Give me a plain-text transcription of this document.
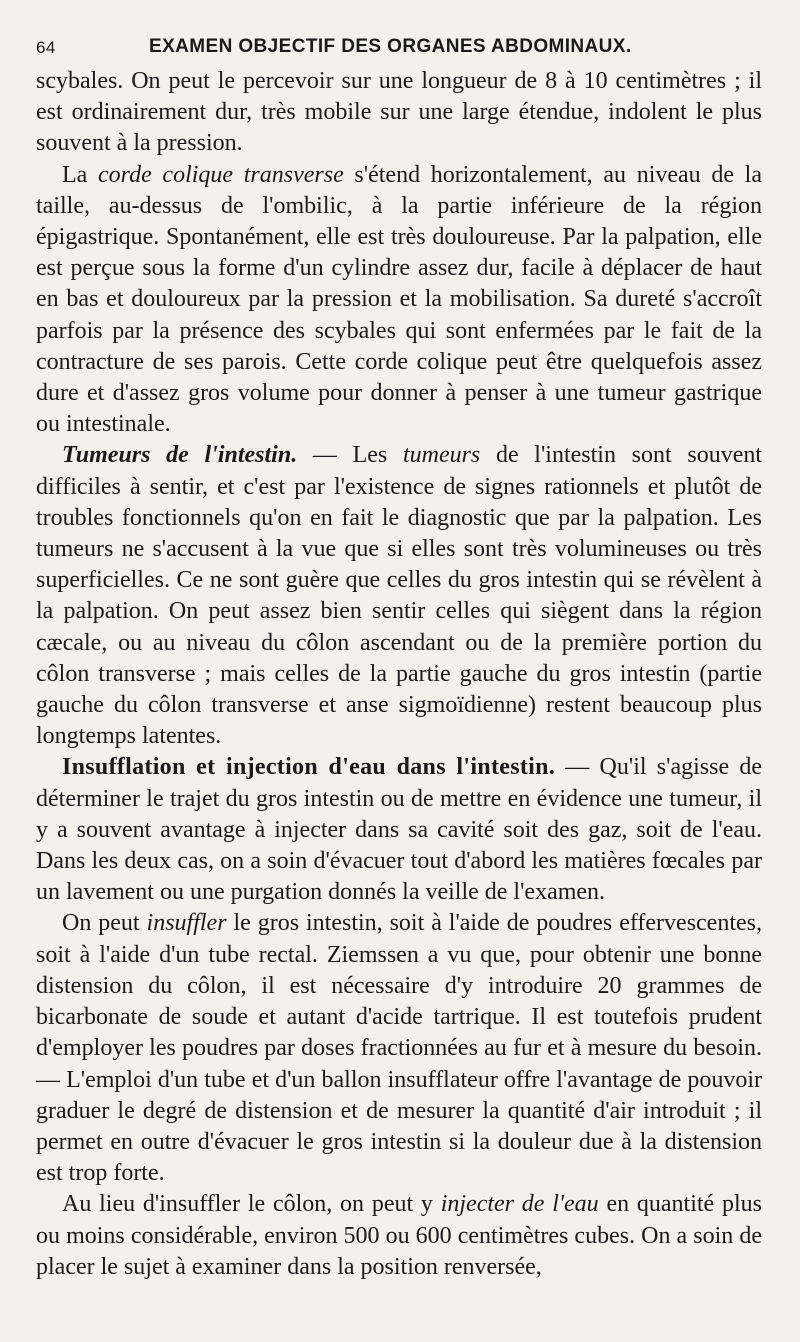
64	EXAMEN OBJECTIF DES ORGANES ABDOMINAUX.

scybales. On peut le percevoir sur une longueur de 8 à 10 centimètres ; il est ordinairement dur, très mobile sur une large étendue, indolent le plus souvent à la pression.

La corde colique transverse s'étend horizontalement, au niveau de la taille, au-dessus de l'ombilic, à la partie inférieure de la région épigastrique. Spontanément, elle est très douloureuse. Par la palpation, elle est perçue sous la forme d'un cylindre assez dur, facile à déplacer de haut en bas et douloureux par la pression et la mobilisation. Sa dureté s'accroît parfois par la présence des scybales qui sont enfermées par le fait de la contracture de ses parois. Cette corde colique peut être quelquefois assez dure et d'assez gros volume pour donner à penser à une tumeur gastrique ou intestinale.

Tumeurs de l'intestin. — Les tumeurs de l'intestin sont souvent difficiles à sentir, et c'est par l'existence de signes rationnels et plutôt de troubles fonctionnels qu'on en fait le diagnostic que par la palpation. Les tumeurs ne s'accusent à la vue que si elles sont très volumineuses ou très superficielles. Ce ne sont guère que celles du gros intestin qui se révèlent à la palpation. On peut assez bien sentir celles qui siègent dans la région cæcale, ou au niveau du côlon ascendant ou de la première portion du côlon transverse ; mais celles de la partie gauche du gros intestin (partie gauche du côlon transverse et anse sigmoïdienne) restent beaucoup plus longtemps latentes.

Insufflation et injection d'eau dans l'intestin. — Qu'il s'agisse de déterminer le trajet du gros intestin ou de mettre en évidence une tumeur, il y a souvent avantage à injecter dans sa cavité soit des gaz, soit de l'eau. Dans les deux cas, on a soin d'évacuer tout d'abord les matières fœcales par un lavement ou une purgation donnés la veille de l'examen.

On peut insuffler le gros intestin, soit à l'aide de poudres effervescentes, soit à l'aide d'un tube rectal. Ziemssen a vu que, pour obtenir une bonne distension du côlon, il est nécessaire d'y introduire 20 grammes de bicarbonate de soude et autant d'acide tartrique. Il est toutefois prudent d'employer les poudres par doses fractionnées au fur et à mesure du besoin. — L'emploi d'un tube et d'un ballon insufflateur offre l'avantage de pouvoir graduer le degré de distension et de mesurer la quantité d'air introduit ; il permet en outre d'évacuer le gros intestin si la douleur due à la distension est trop forte.

Au lieu d'insuffler le côlon, on peut y injecter de l'eau en quantité plus ou moins considérable, environ 500 ou 600 centimètres cubes. On a soin de placer le sujet à examiner dans la position renversée,
